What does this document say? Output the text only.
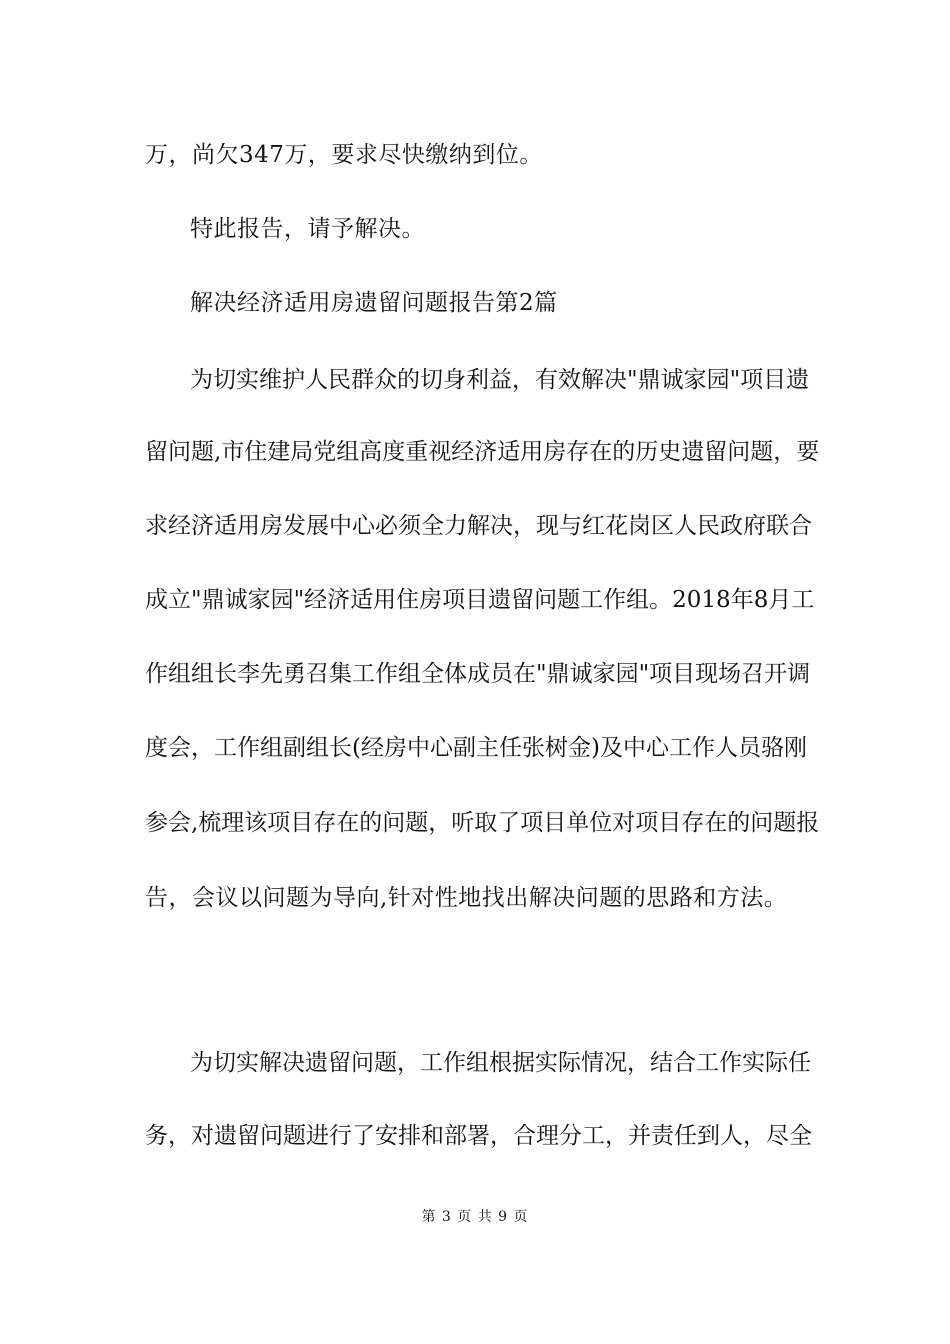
万，尚欠347万，要求尽快缴纳到位。
特此报告，请予解决。
解决经济适用房遗留问题报告第2篇
为切实维护人民群众的切身利益，有效解决"鼎诚家园"项目遗
留问题,市住建局党组高度重视经济适用房存在的历史遗留问题，要
求经济适用房发展中心必须全力解决，现与红花岗区人民政府联合
成立"鼎诚家园"经济适用住房项目遗留问题工作组。2018年8月工
作组组长李先勇召集工作组全体成员在"鼎诚家园"项目现场召开调
度会，工作组副组长(经房中心副主任张树金)及中心工作人员骆刚
参会,梳理该项目存在的问题，听取了项目单位对项目存在的问题报
告，会议以问题为导向,针对性地找出解决问题的思路和方法。
为切实解决遗留问题，工作组根据实际情况，结合工作实际任
务，对遗留问题进行了安排和部署，合理分工，并责任到人，尽全
第 3 页 共 9 页
